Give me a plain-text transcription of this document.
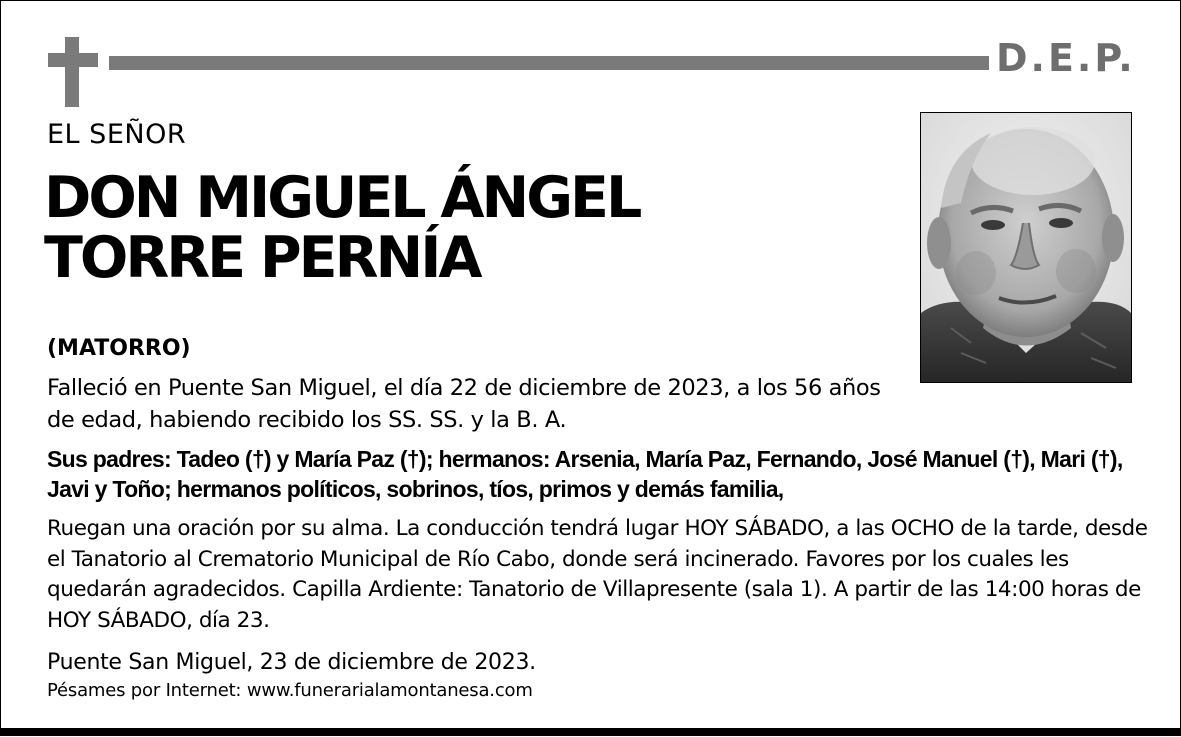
D.E.P.
EL SEÑOR
DON MIGUEL ÁNGEL
TORRE PERNÍA
(MATORRO)
Falleció en Puente San Miguel, el día 22 de diciembre de 2023, a los 56 años de edad, habiendo recibido los SS. SS. y la B. A.
Sus padres: Tadeo (†) y María Paz (†); hermanos: Arsenia, María Paz, Fernando, José Manuel (†), Mari (†), Javi y Toño; hermanos políticos, sobrinos, tíos, primos y demás familia,
Ruegan una oración por su alma. La conducción tendrá lugar HOY SÁBADO, a las OCHO de la tarde, desde el Tanatorio al Crematorio Municipal de Río Cabo, donde será incinerado. Favores por los cuales les quedarán agradecidos. Capilla Ardiente: Tanatorio de Villapresente (sala 1). A partir de las 14:00 horas de HOY SÁBADO, día 23.
Puente San Miguel, 23 de diciembre de 2023.
Pésames por Internet: www.funerarialamontanesa.com
